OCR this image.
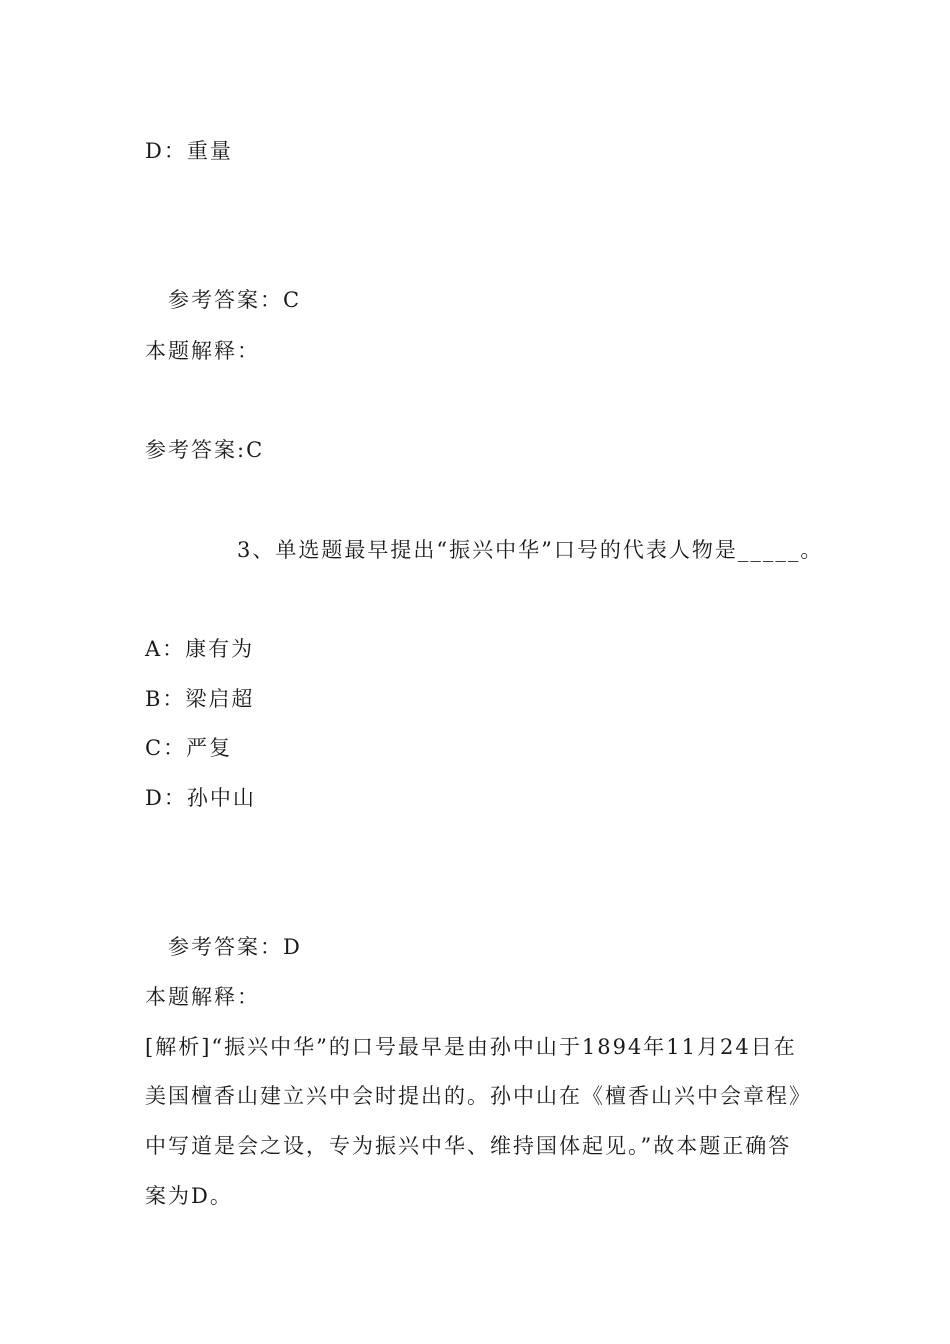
D：重量
参考答案：C
本题解释：
参考答案:C
3、单选题最早提出“振兴中华”口号的代表人物是_____。
A：康有为
B：梁启超
C：严复
D：孙中山
参考答案：D
本题解释：
[解析]“振兴中华”的口号最早是由孙中山于1894年11月24日在
美国檀香山建立兴中会时提出的。孙中山在《檀香山兴中会章程》
中写道是会之设，专为振兴中华、维持国体起见。”故本题正确答
案为D。
